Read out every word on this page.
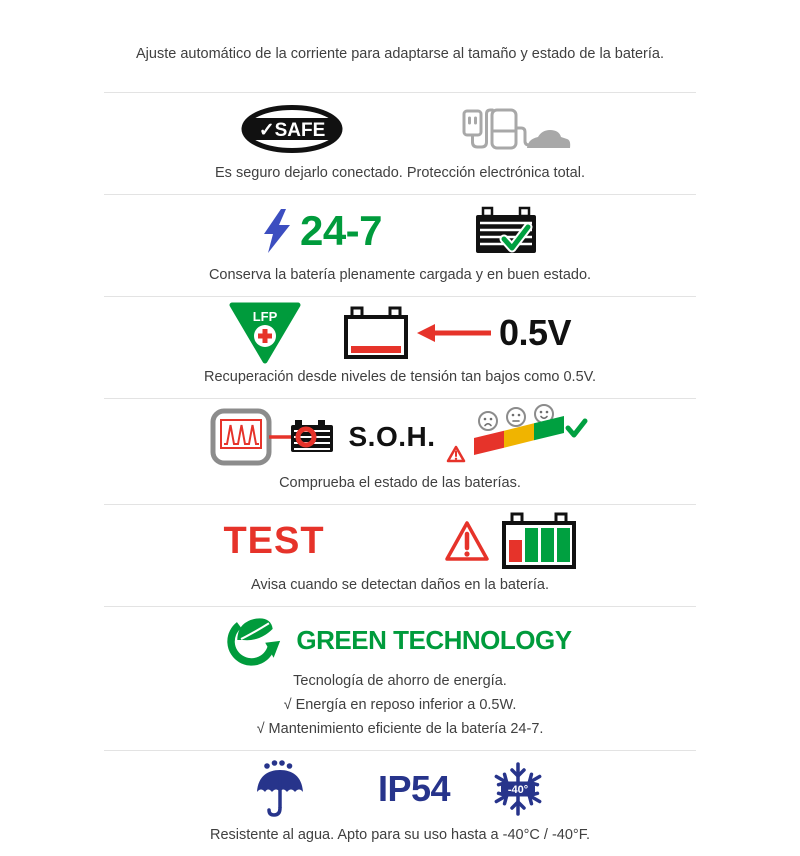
Ajuste automático de la corriente para adaptarse al tamaño y estado de la batería.
✓SAFE
Es seguro dejarlo conectado. Protección electrónica total.
24-7
Conserva la batería plenamente cargada y en buen estado.
LFP	0.5V
Recuperación desde niveles de tensión tan bajos como 0.5V.
S.O.H.
Comprueba el estado de las baterías.
TEST
Avisa cuando se detectan daños en la batería.
GREEN TECHNOLOGY
Tecnología de ahorro de energía.
√ Energía en reposo inferior a 0.5W.
√ Mantenimiento eficiente de la batería 24-7.
IP54	-40°
Resistente al agua. Apto para su uso hasta a -40°C / -40°F.
